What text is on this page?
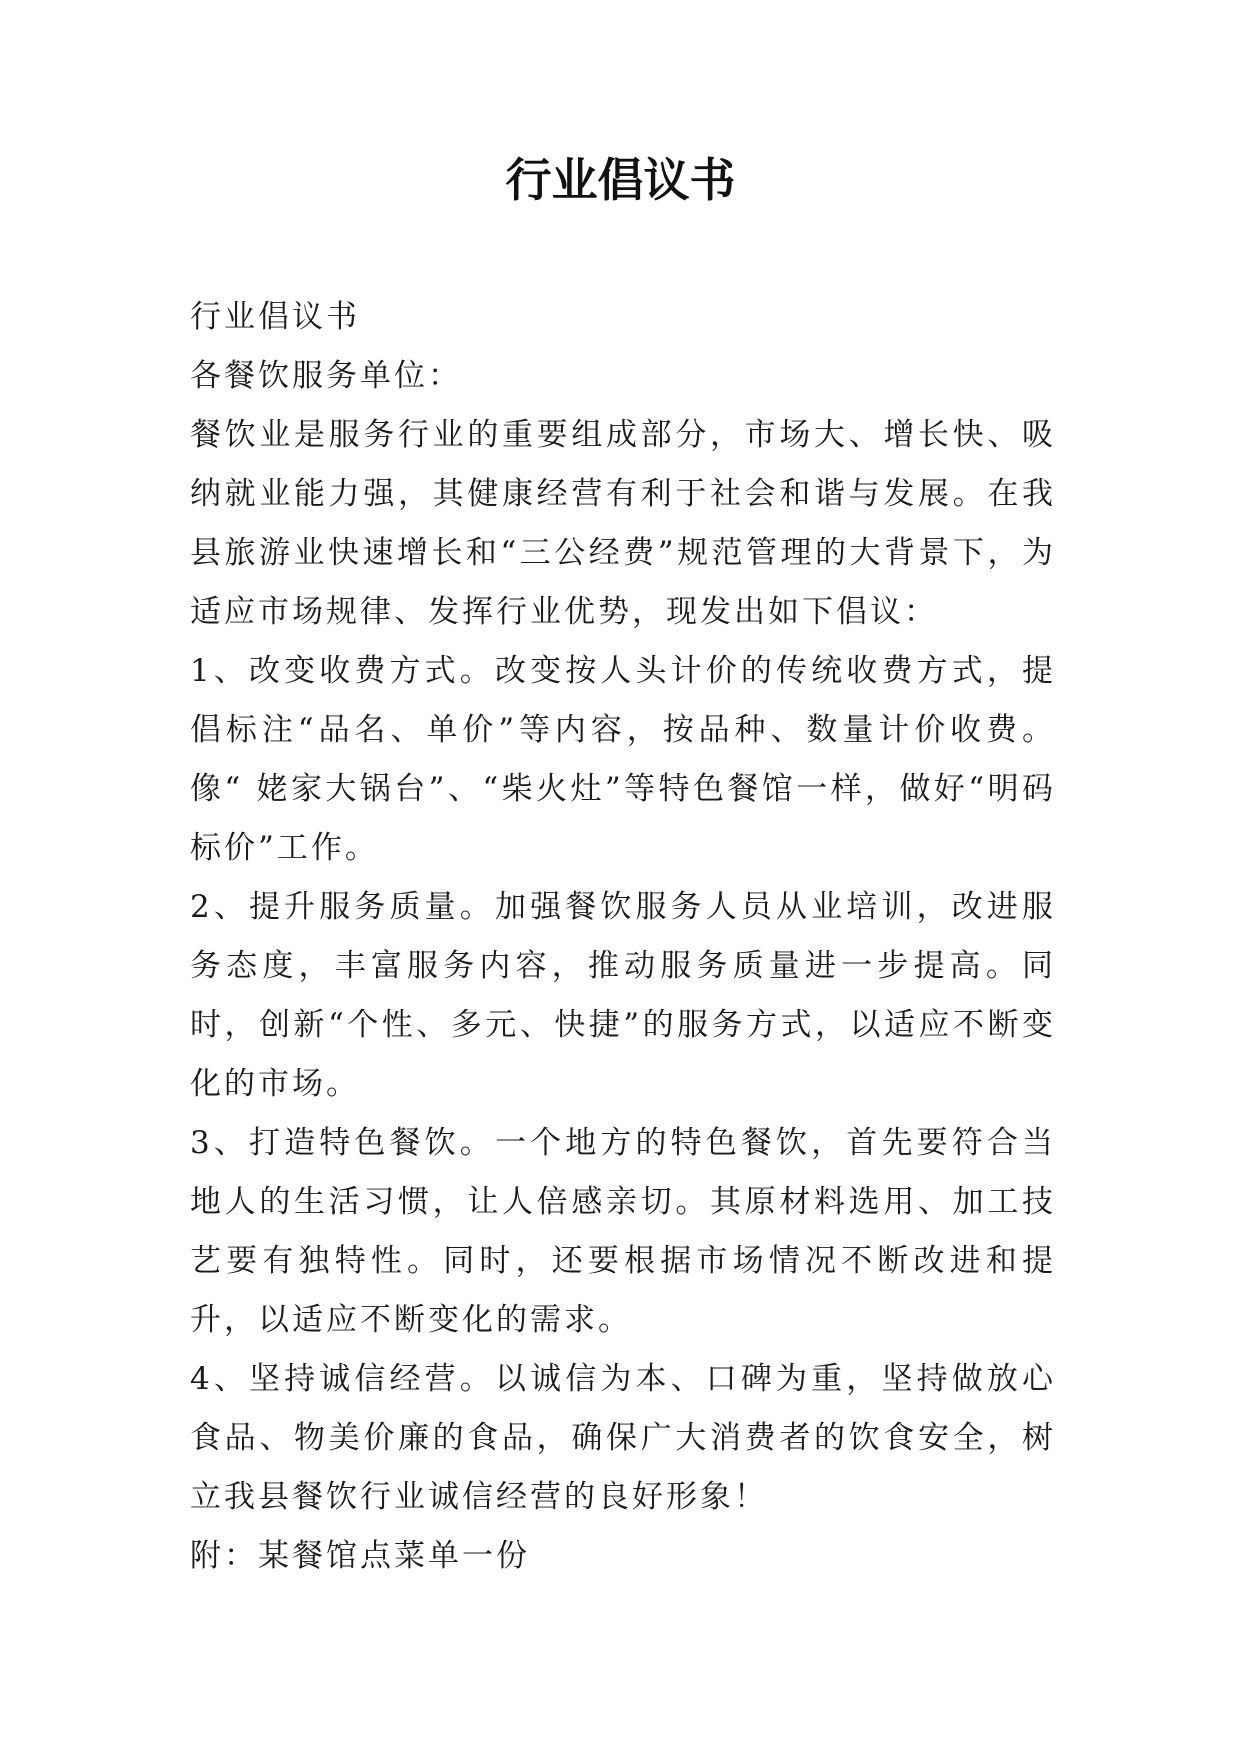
行业倡议书

行业倡议书

各餐饮服务单位：

餐饮业是服务行业的重要组成部分，市场大、增长快、吸纳就业能力强，其健康经营有利于社会和谐与发展。在我县旅游业快速增长和“三公经费”规范管理的大背景下，为适应市场规律、发挥行业优势，现发出如下倡议：

1、改变收费方式。改变按人头计价的传统收费方式，提倡标注“品名、单价”等内容，按品种、数量计价收费。像“ 姥家大锅台”、“柴火灶”等特色餐馆一样，做好“明码标价”工作。

2、提升服务质量。加强餐饮服务人员从业培训，改进服务态度，丰富服务内容，推动服务质量进一步提高。同时，创新“个性、多元、快捷”的服务方式，以适应不断变化的市场。

3、打造特色餐饮。一个地方的特色餐饮，首先要符合当地人的生活习惯，让人倍感亲切。其原材料选用、加工技艺要有独特性。同时，还要根据市场情况不断改进和提升，以适应不断变化的需求。

4、坚持诚信经营。以诚信为本、口碑为重，坚持做放心食品、物美价廉的食品，确保广大消费者的饮食安全，树立我县餐饮行业诚信经营的良好形象！

附：某餐馆点菜单一份
